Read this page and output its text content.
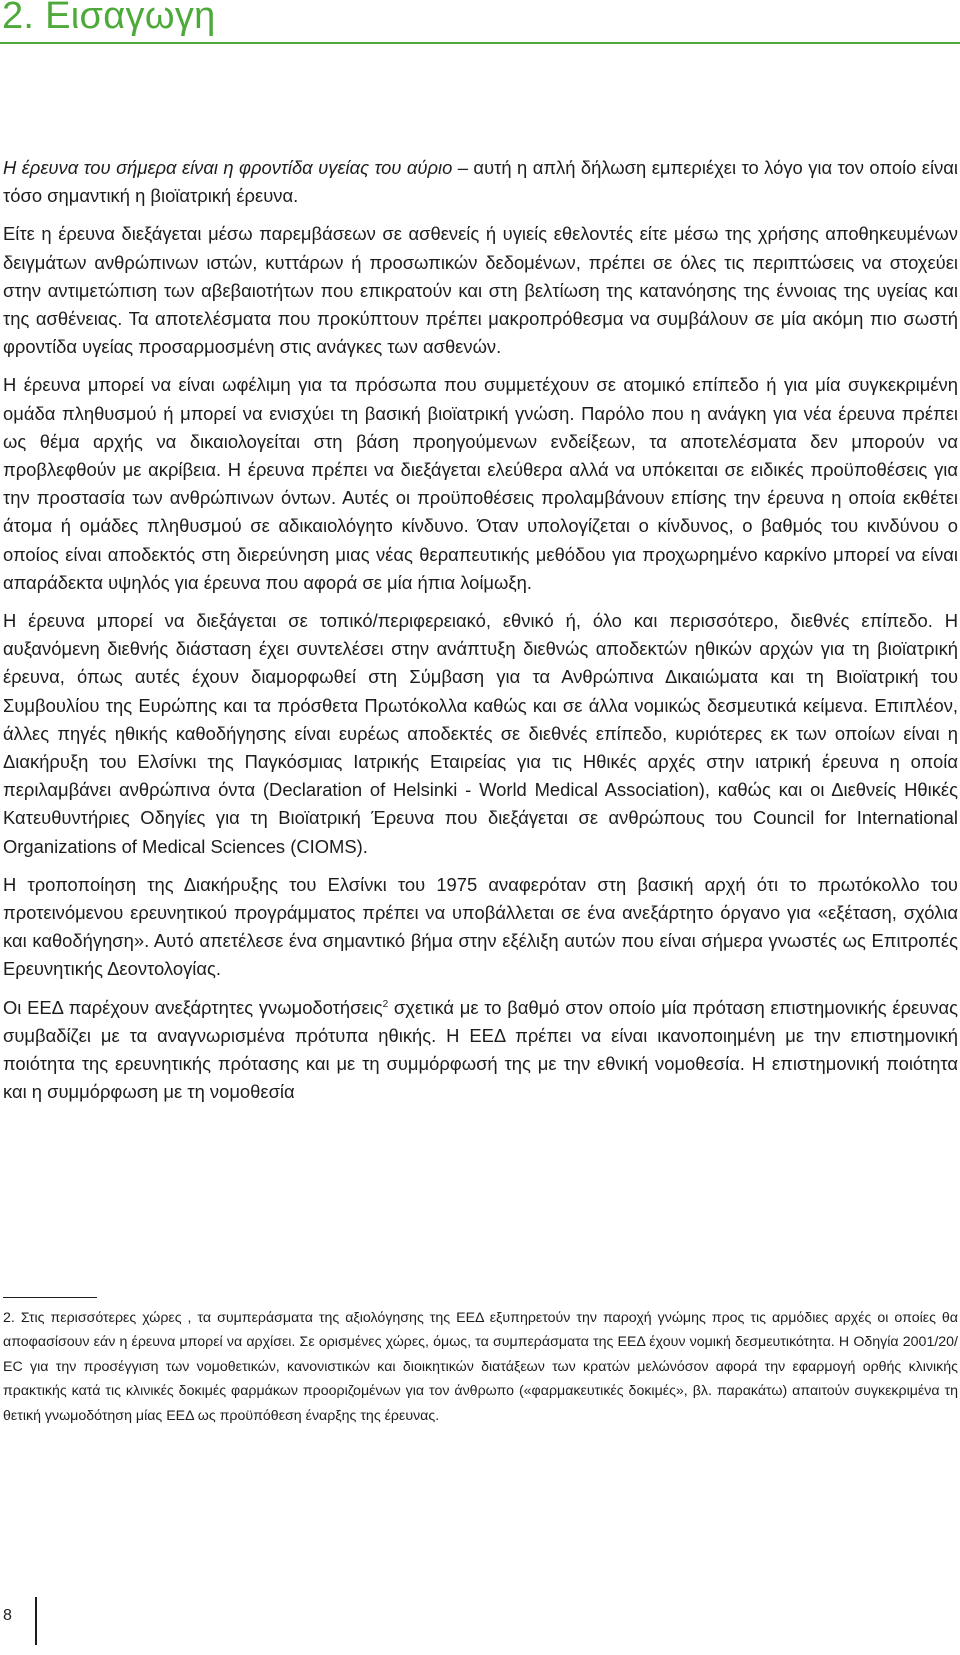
2. Εισαγωγη

Η έρευνα του σήμερα είναι η φροντίδα υγείας του αύριο – αυτή η απλή δήλωση εμπεριέχει το λόγο για τον οποίο είναι τόσο σημαντική η βιοϊατρική έρευνα.

Είτε η έρευνα διεξάγεται μέσω παρεμβάσεων σε ασθενείς ή υγιείς εθελοντές είτε μέσω της χρήσης αποθηκευμένων δειγμάτων ανθρώπινων ιστών, κυττάρων ή προσωπικών δεδομένων, πρέπει σε όλες τις περιπτώσεις να στοχεύει στην αντιμετώπιση των αβεβαιοτήτων που επικρατούν και στη βελτίωση της κατανόησης της έννοιας της υγείας και της ασθένειας. Τα αποτελέσματα που προκύπτουν πρέπει μακροπρόθεσμα να συμβάλουν σε μία ακόμη πιο σωστή φροντίδα υγείας προσαρμοσμένη στις ανάγκες των ασθενών.

Η έρευνα μπορεί να είναι ωφέλιμη για τα πρόσωπα που συμμετέχουν σε ατομικό επίπεδο ή για μία συγκεκριμένη ομάδα πληθυσμού ή μπορεί να ενισχύει τη βασική βιοϊατρική γνώση. Παρόλο που η ανάγκη για νέα έρευνα πρέπει ως θέμα αρχής να δικαιολογείται στη βάση προηγούμενων ενδείξεων, τα αποτελέσματα δεν μπορούν να προβλεφθούν με ακρίβεια. Η έρευνα πρέπει να διεξάγεται ελεύθερα αλλά να υπόκειται σε ειδικές προϋποθέσεις για την προστασία των ανθρώπινων όντων. Αυτές οι προϋποθέσεις προλαμβάνουν επίσης την έρευνα η οποία εκθέτει άτομα ή ομάδες πληθυσμού σε αδικαιολόγητο κίνδυνο. Όταν υπολογίζεται ο κίνδυνος, ο βαθμός του κινδύνου ο οποίος είναι αποδεκτός στη διερεύνηση μιας νέας θεραπευτικής μεθόδου για προχωρημένο καρκίνο μπορεί να είναι απαράδεκτα υψηλός για έρευνα που αφορά σε μία ήπια λοίμωξη.

Η έρευνα μπορεί να διεξάγεται σε τοπικό/περιφερειακό, εθνικό ή, όλο και περισσότερο, διεθνές επίπεδο. Η αυξανόμενη διεθνής διάσταση έχει συντελέσει στην ανάπτυξη διεθνώς αποδεκτών ηθικών αρχών για τη βιοϊατρική έρευνα, όπως αυτές έχουν διαμορφωθεί στη Σύμβαση για τα Ανθρώπινα Δικαιώματα και τη Βιοϊατρική του Συμβουλίου της Ευρώπης και τα πρόσθετα Πρωτόκολλα καθώς και σε άλλα νομικώς δεσμευτικά κείμενα. Επιπλέον, άλλες πηγές ηθικής καθοδήγησης είναι ευρέως αποδεκτές σε διεθνές επίπεδο, κυριότερες εκ των οποίων είναι η Διακήρυξη του Ελσίνκι της Παγκόσμιας Ιατρικής Εταιρείας για τις Ηθικές αρχές στην ιατρική έρευνα η οποία περιλαμβάνει ανθρώπινα όντα (Declaration of Helsinki - World Medical Association), καθώς και οι Διεθνείς Ηθικές Κατευθυντήριες Οδηγίες για τη Βιοϊατρική Έρευνα που διεξάγεται σε ανθρώπους του Council for International Organizations of Medical Sciences (CIOMS).

Η τροποποίηση της Διακήρυξης του Ελσίνκι του 1975 αναφερόταν στη βασική αρχή ότι το πρωτόκολλο του προτεινόμενου ερευνητικού προγράμματος πρέπει να υποβάλλεται σε ένα ανεξάρτητο όργανο για «εξέταση, σχόλια και καθοδήγηση». Αυτό απετέλεσε ένα σημαντικό βήμα στην εξέλιξη αυτών που είναι σήμερα γνωστές ως Επιτροπές Ερευνητικής Δεοντολογίας.

Οι ΕΕΔ παρέχουν ανεξάρτητες γνωμοδοτήσεις$^2$ σχετικά με το βαθμό στον οποίο μία πρόταση επιστημονικής έρευνας συμβαδίζει με τα αναγνωρισμένα πρότυπα ηθικής. Η ΕΕΔ πρέπει να είναι ικανοποιημένη με την επιστημονική ποιότητα της ερευνητικής πρότασης και με τη συμμόρφωσή της με την εθνική νομοθεσία. Η επιστημονική ποιότητα και η συμμόρφωση με τη νομοθεσία

2. Στις περισσότερες χώρες , τα συμπεράσματα της αξιολόγησης της ΕΕΔ εξυπηρετούν την παροχή γνώμης προς τις αρμόδιες αρχές οι οποίες θα αποφασίσουν εάν η έρευνα μπορεί να αρχίσει. Σε ορισμένες χώρες, όμως, τα συμπεράσματα της ΕΕΔ έχουν νομική δεσμευτικότητα. Η Οδηγία 2001/20/ΕC για την προσέγγιση των νομοθετικών, κανονιστικών και διοικητικών διατάξεων των κρατών μελώνόσον αφορά την εφαρμογή ορθής κλινικής πρακτικής κατά τις κλινικές δοκιμές φαρμάκων προοριζομένων για τον άνθρωπο («φαρμακευτικές δοκιμές», βλ. παρακάτω) απαιτούν συγκεκριμένα τη θετική γνωμοδότηση μίας ΕΕΔ ως προϋπόθεση έναρξης της έρευνας.
8
